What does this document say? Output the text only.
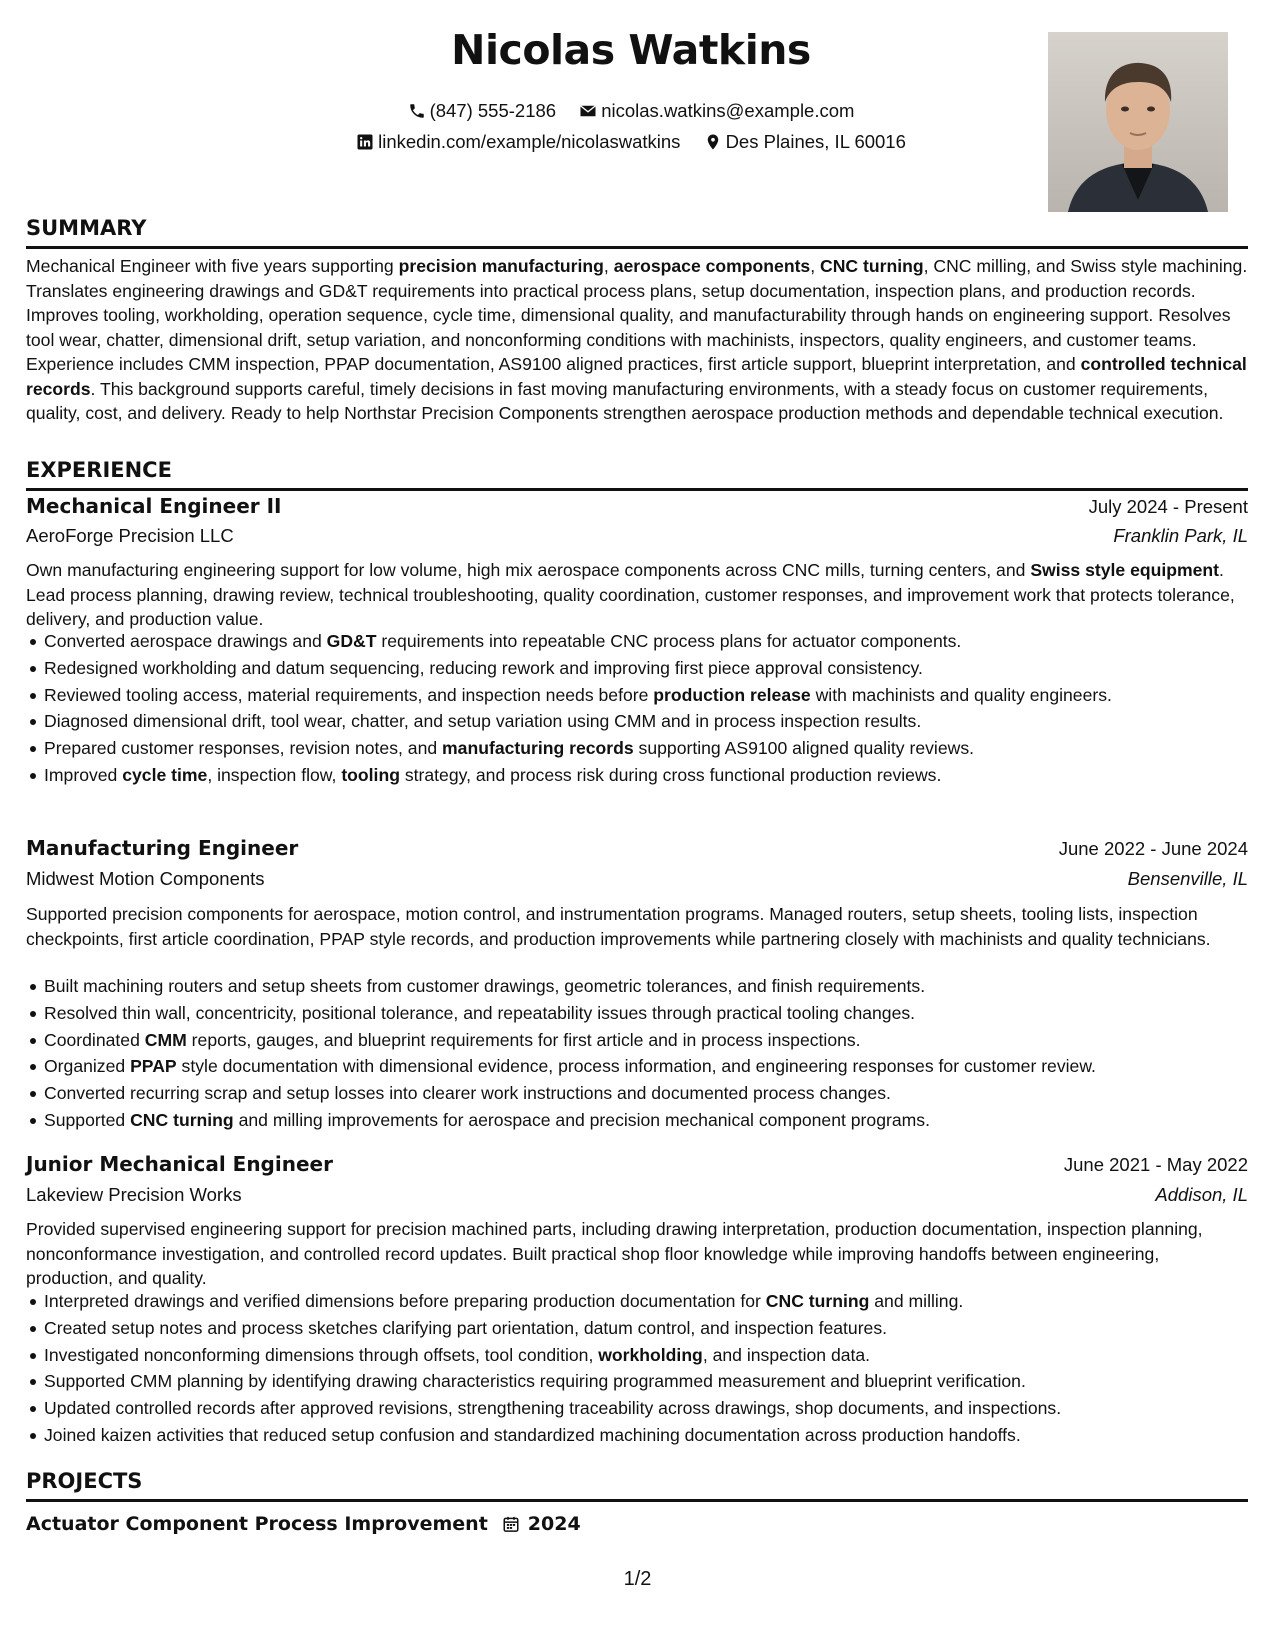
Nicolas Watkins
(847) 555-2186
nicolas.watkins@example.com
linkedin.com/example/nicolaswatkins
Des Plaines, IL 60016
SUMMARY
Mechanical Engineer with five years supporting precision manufacturing, aerospace components, CNC turning, CNC milling, and Swiss style machining. Translates engineering drawings and GD&T requirements into practical process plans, setup documentation, inspection plans, and production records. Improves tooling, workholding, operation sequence, cycle time, dimensional quality, and manufacturability through hands on engineering support. Resolves tool wear, chatter, dimensional drift, setup variation, and nonconforming conditions with machinists, inspectors, quality engineers, and customer teams. Experience includes CMM inspection, PPAP documentation, AS9100 aligned practices, first article support, blueprint interpretation, and controlled technical records. This background supports careful, timely decisions in fast moving manufacturing environments, with a steady focus on customer requirements, quality, cost, and delivery. Ready to help Northstar Precision Components strengthen aerospace production methods and dependable technical execution.
EXPERIENCE
Mechanical Engineer II	July 2024 - Present
AeroForge Precision LLC	Franklin Park, IL
Own manufacturing engineering support for low volume, high mix aerospace components across CNC mills, turning centers, and Swiss style equipment. Lead process planning, drawing review, technical troubleshooting, quality coordination, customer responses, and improvement work that protects tolerance, delivery, and production value.
Converted aerospace drawings and GD&T requirements into repeatable CNC process plans for actuator components.
Redesigned workholding and datum sequencing, reducing rework and improving first piece approval consistency.
Reviewed tooling access, material requirements, and inspection needs before production release with machinists and quality engineers.
Diagnosed dimensional drift, tool wear, chatter, and setup variation using CMM and in process inspection results.
Prepared customer responses, revision notes, and manufacturing records supporting AS9100 aligned quality reviews.
Improved cycle time, inspection flow, tooling strategy, and process risk during cross functional production reviews.
Manufacturing Engineer	June 2022 - June 2024
Midwest Motion Components	Bensenville, IL
Supported precision components for aerospace, motion control, and instrumentation programs. Managed routers, setup sheets, tooling lists, inspection checkpoints, first article coordination, PPAP style records, and production improvements while partnering closely with machinists and quality technicians.
Built machining routers and setup sheets from customer drawings, geometric tolerances, and finish requirements.
Resolved thin wall, concentricity, positional tolerance, and repeatability issues through practical tooling changes.
Coordinated CMM reports, gauges, and blueprint requirements for first article and in process inspections.
Organized PPAP style documentation with dimensional evidence, process information, and engineering responses for customer review.
Converted recurring scrap and setup losses into clearer work instructions and documented process changes.
Supported CNC turning and milling improvements for aerospace and precision mechanical component programs.
Junior Mechanical Engineer	June 2021 - May 2022
Lakeview Precision Works	Addison, IL
Provided supervised engineering support for precision machined parts, including drawing interpretation, production documentation, inspection planning, nonconformance investigation, and controlled record updates. Built practical shop floor knowledge while improving handoffs between engineering, production, and quality.
Interpreted drawings and verified dimensions before preparing production documentation for CNC turning and milling.
Created setup notes and process sketches clarifying part orientation, datum control, and inspection features.
Investigated nonconforming dimensions through offsets, tool condition, workholding, and inspection data.
Supported CMM planning by identifying drawing characteristics requiring programmed measurement and blueprint verification.
Updated controlled records after approved revisions, strengthening traceability across drawings, shop documents, and inspections.
Joined kaizen activities that reduced setup confusion and standardized machining documentation across production handoffs.
PROJECTS
Actuator Component Process Improvement 2024
1/2
